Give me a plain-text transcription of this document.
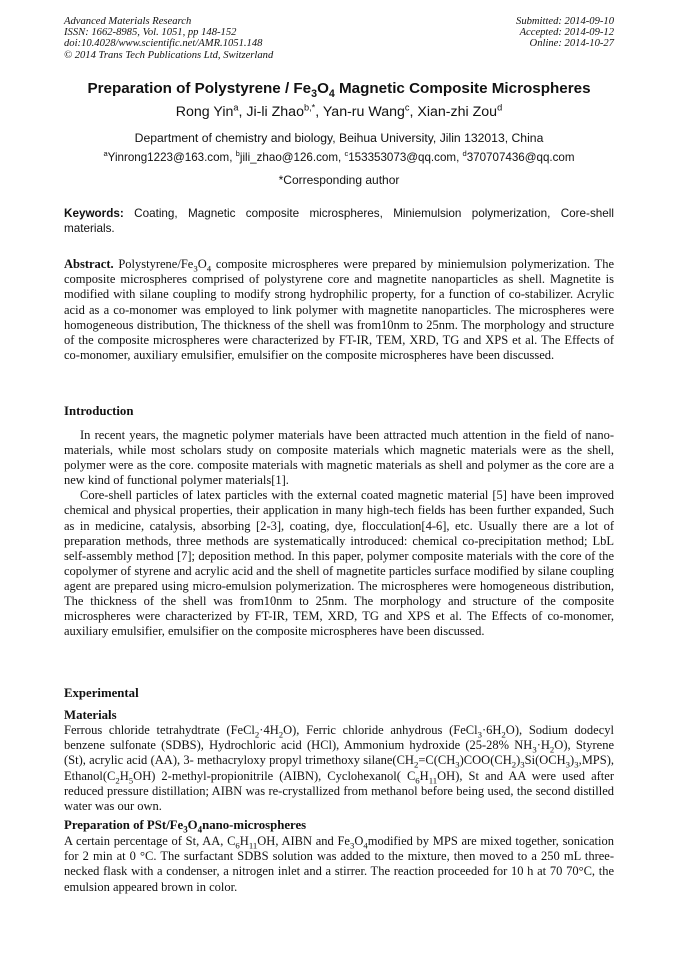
Advanced Materials Research
ISSN: 1662-8985, Vol. 1051, pp 148-152
doi:10.4028/www.scientific.net/AMR.1051.148
© 2014 Trans Tech Publications Ltd, Switzerland
Submitted: 2014-09-10
Accepted: 2014-09-12
Online: 2014-10-27
Preparation of Polystyrene / $Fe_3O_4$ Magnetic Composite Microspheres
Rong Yin$^a$, Ji-li Zhao$^{b,*}$, Yan-ru Wang$^c$, Xian-zhi Zou$^d$
Department of chemistry and biology, Beihua University, Jilin 132013, China
$^a$Yinrong1223@163.com, $^b$jili_zhao@126.com, $^c$153353073@qq.com, $^d$370707436@qq.com
*Corresponding author
Keywords: Coating, Magnetic composite microspheres, Miniemulsion polymerization, Core-shell materials.

Abstract. Polystyrene/$Fe_3O_4$ composite microspheres were prepared by miniemulsion polymerization. The composite microspheres comprised of polystyrene core and magnetite nanoparticles as shell. Magnetite is modified with silane coupling to modify strong hydrophilic property, for a function of co-stabilizer. Acrylic acid as a co-monomer was employed to link polymer with magnetite nanoparticles. The microspheres were homogeneous distribution, The thickness of the shell was from10nm to 25nm. The morphology and structure of the composite microspheres were characterized by FT-IR, TEM, XRD, TG and XPS et al. The Effects of co-monomer, auxiliary emulsifier, emulsifier on the composite microspheres have been discussed.

Introduction

In recent years, the magnetic polymer materials have been attracted much attention in the field of nano-materials, while most scholars study on composite materials which magnetic materials were as the shell, polymer were as the core. composite materials with magnetic materials as shell and polymer as the core are a new kind of functional polymer materials[1].

Core-shell particles of latex particles with the external coated magnetic material [5] have been improved chemical and physical properties, their application in many high-tech fields has been further expanded, Such as in medicine, catalysis, absorbing [2-3], coating, dye, flocculation[4-6], etc. Usually there are a lot of preparation methods, three methods are systematically introduced: chemical co-precipitation method; LbL self-assembly method [7]; deposition method. In this paper, polymer composite materials with the core of the copolymer of styrene and acrylic acid and the shell of magnetite particles surface modified by silane coupling agent are prepared using micro-emulsion polymerization. The microspheres were homogeneous distribution, The thickness of the shell was from10nm to 25nm. The morphology and structure of the composite microspheres were characterized by FT-IR, TEM, XRD, TG and XPS et al. The Effects of co-monomer, auxiliary emulsifier, emulsifier on the composite microspheres have been discussed.

Experimental
Materials

Ferrous chloride tetrahydtrate $(FeCl_2\cdot 4H_2O)$, Ferric chloride anhydrous $(FeCl_3\cdot 6H_2O)$, Sodium dodecyl benzene sulfonate (SDBS), Hydrochloric acid (HCl), Ammonium hydroxide (25-28% $NH_3\cdot H_2O$), Styrene (St), acrylic acid (AA), 3- methacryloxy propyl trimethoxy $silane(CH_2=C(CH_3)COO(CH_2)_3Si(OCH_3)_3,MPS)$, $Ethanol(C_2H_5OH)$ 2-methyl-propionitrile (AIBN), Cyclohexanol( $C_6H_{11}OH$), St and AA were used after reduced pressure distillation; AIBN was re-crystallized from methanol before being used, the second distilled water was our own.

Preparation of PSt/$Fe_3O_4nano$-microspheres

A certain percentage of St, AA, $C_6H_{11}OH$, AIBN and $Fe_3O_4modified$ by MPS are mixed together, sonication for 2 min at 0 °C. The surfactant SDBS solution was added to the mixture, then moved to a 250 mL three-necked flask with a condenser, a nitrogen inlet and a stirrer. The reaction proceeded for 10 h at 70 70°C, the emulsion appeared brown in color.
